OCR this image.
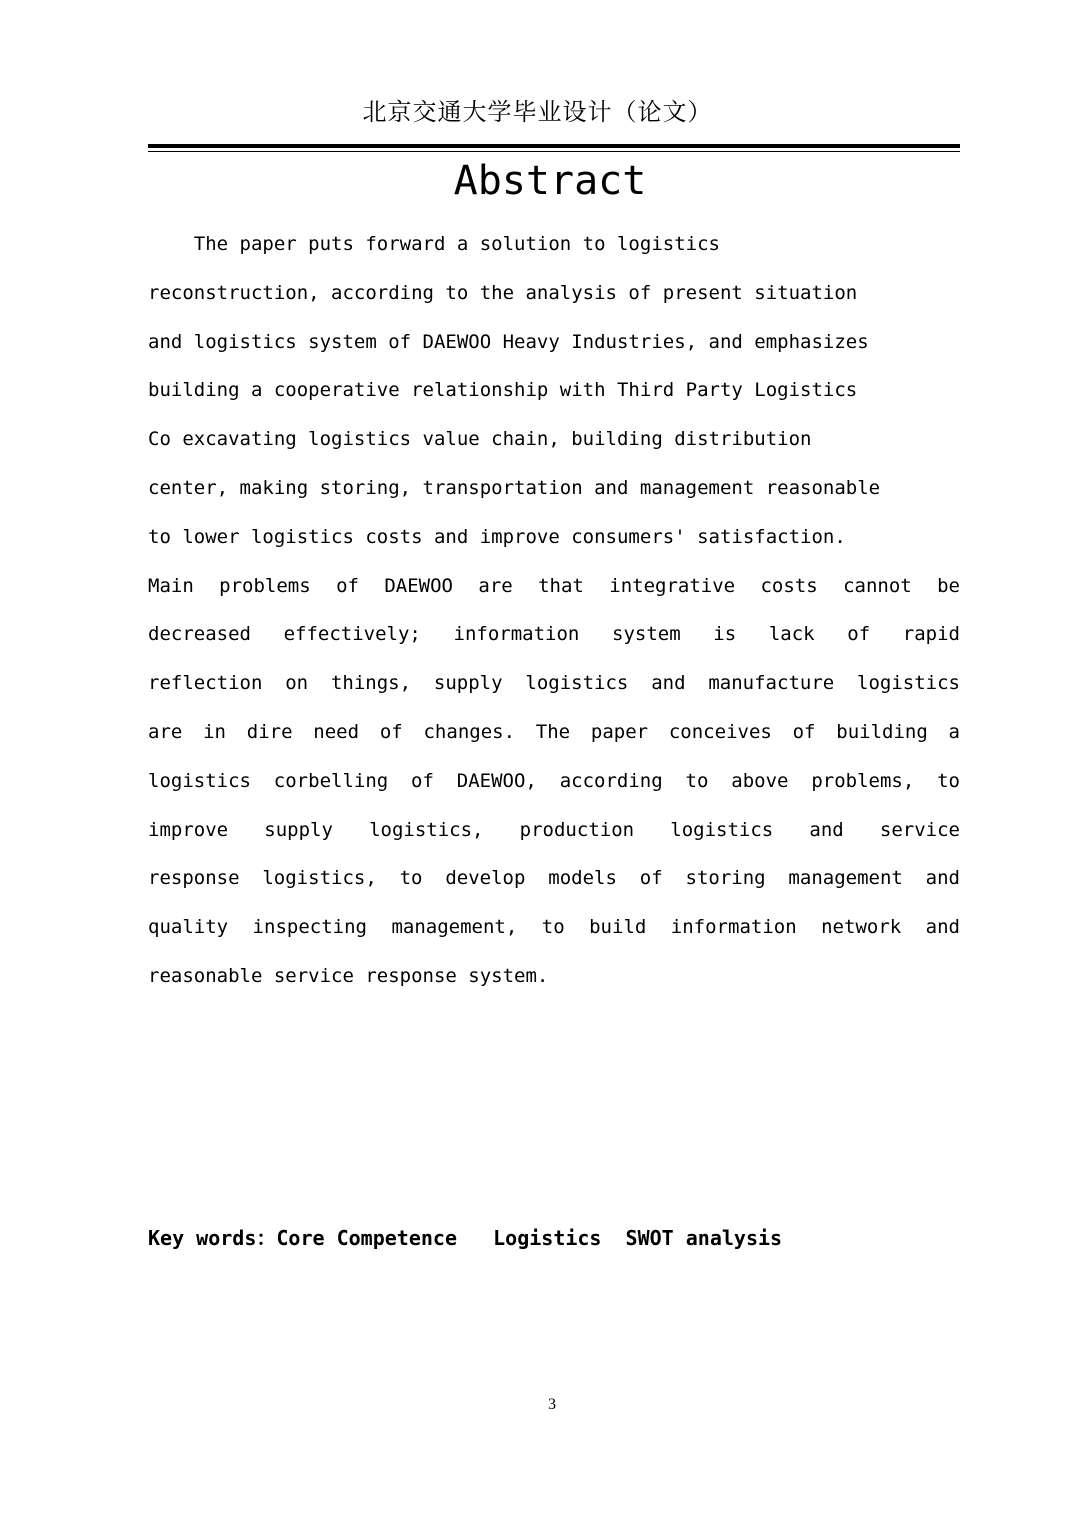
北京交通大学毕业设计（论文）
Abstract
The paper puts forward a solution to logistics
reconstruction, according to the analysis of present situation
and logistics system of DAEWOO Heavy Industries, and emphasizes
building a cooperative relationship with Third Party Logistics
Co excavating logistics value chain, building distribution
center, making storing, transportation and management reasonable
to lower logistics costs and improve consumers' satisfaction.
Main problems of DAEWOO are that integrative costs cannot be
decreased effectively; information system is lack of rapid
reflection on things, supply logistics and manufacture logistics
are in dire need of changes. The paper conceives of building a
logistics corbelling of DAEWOO, according to above problems, to
improve supply logistics, production logistics and service
response logistics, to develop models of storing management and
quality inspecting management, to build information network and
reasonable service response system.
Key words：Core Competence   Logistics  SWOT analysis
3
